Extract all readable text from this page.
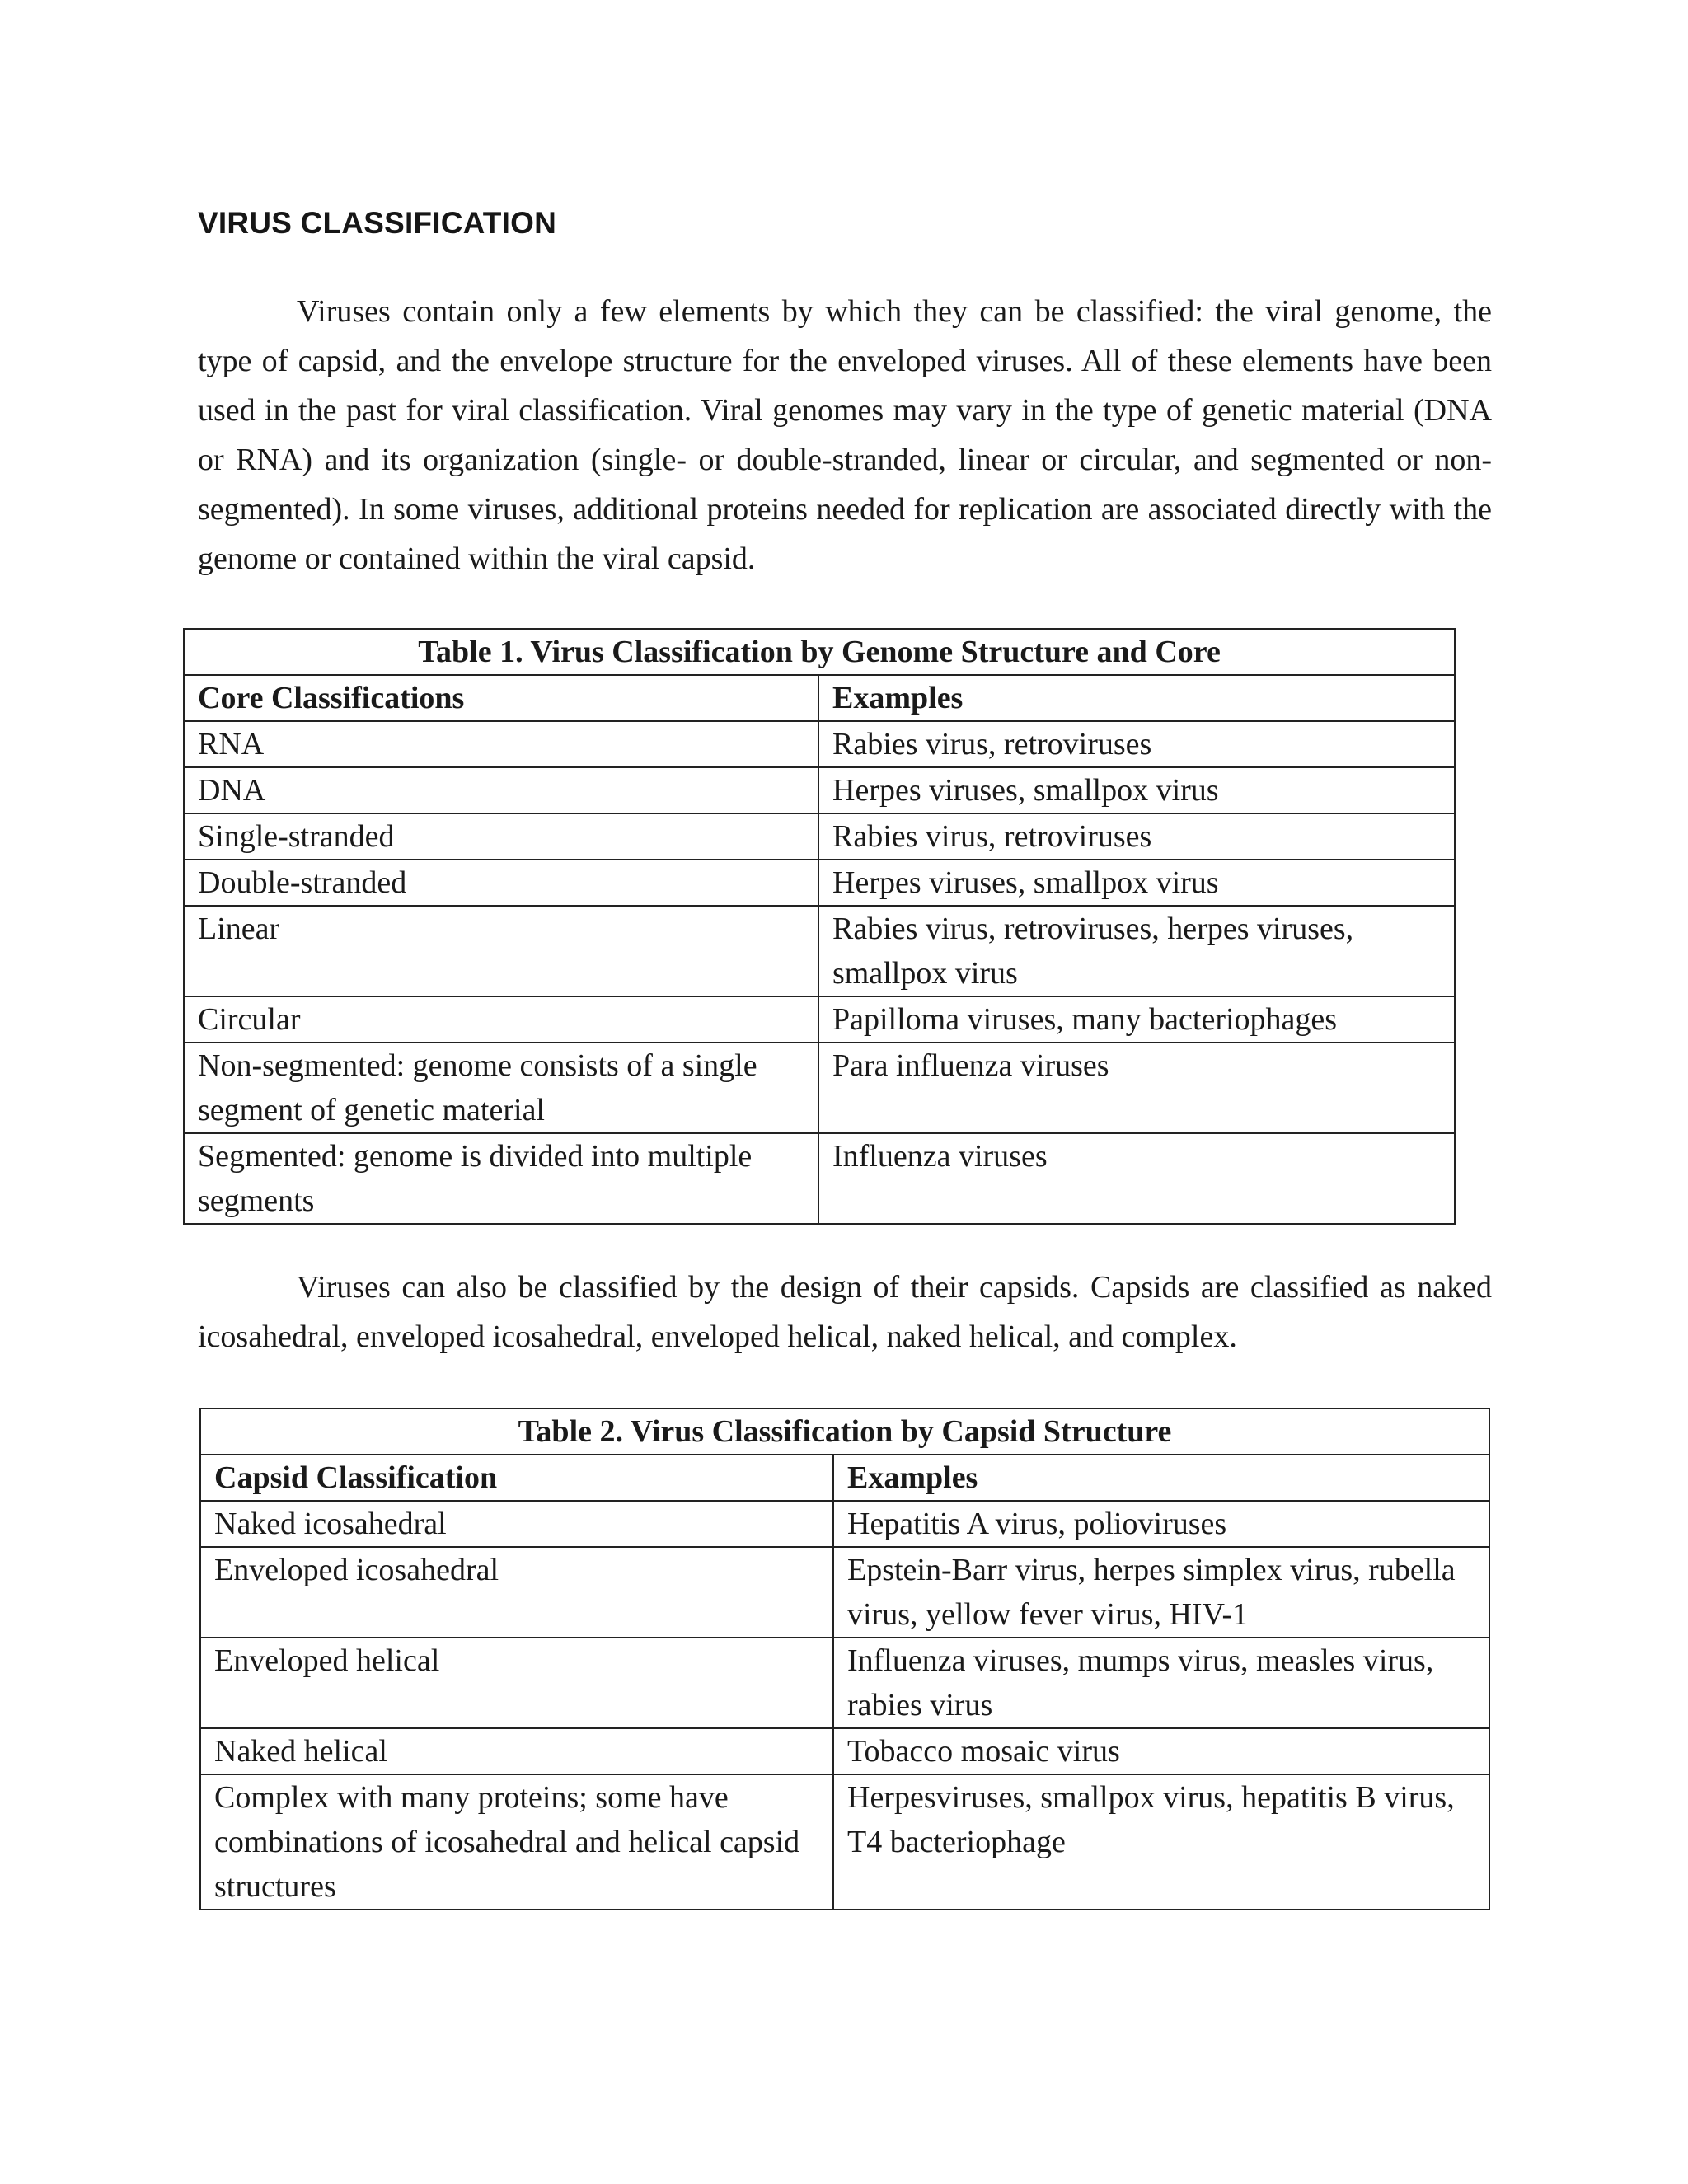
VIRUS CLASSIFICATION

Viruses contain only a few elements by which they can be classified: the viral genome, the type of capsid, and the envelope structure for the enveloped viruses. All of these elements have been used in the past for viral classification. Viral genomes may vary in the type of genetic material (DNA or RNA) and its organization (single- or double-stranded, linear or circular, and segmented or non-segmented). In some viruses, additional proteins needed for replication are associated directly with the genome or contained within the viral capsid.

Table 1. Virus Classification by Genome Structure and Core	
Core Classifications	Examples
RNA	Rabies virus, retroviruses
DNA	Herpes viruses, smallpox virus
Single-stranded	Rabies virus, retroviruses
Double-stranded	Herpes viruses, smallpox virus
Linear	Rabies virus, retroviruses, herpes viruses, smallpox virus
Circular	Papilloma viruses, many bacteriophages
Non-segmented: genome consists of a single segment of genetic material	Para influenza viruses
Segmented: genome is divided into multiple segments	Influenza viruses

Viruses can also be classified by the design of their capsids. Capsids are classified as naked icosahedral, enveloped icosahedral, enveloped helical, naked helical, and complex.

Table 2. Virus Classification by Capsid Structure	
Capsid Classification	Examples
Naked icosahedral	Hepatitis A virus, polioviruses
Enveloped icosahedral	Epstein-Barr virus, herpes simplex virus, rubella virus, yellow fever virus, HIV-1
Enveloped helical	Influenza viruses, mumps virus, measles virus, rabies virus
Naked helical	Tobacco mosaic virus
Complex with many proteins; some have combinations of icosahedral and helical capsid structures	Herpesviruses, smallpox virus, hepatitis B virus, T4 bacteriophage
